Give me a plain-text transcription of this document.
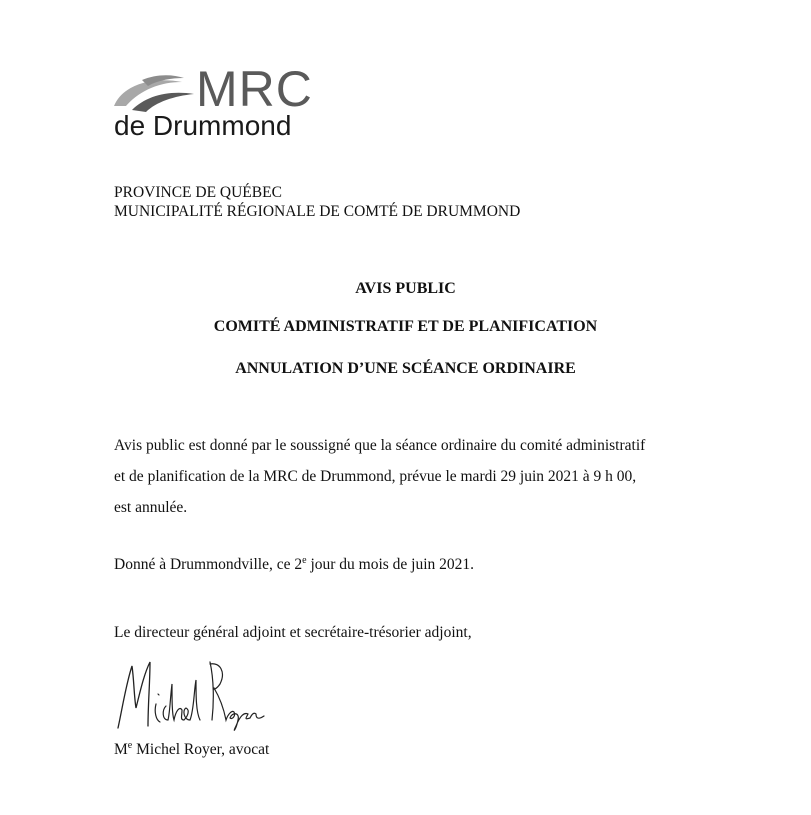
MRC
de Drummond
PROVINCE DE QUÉBEC
MUNICIPALITÉ RÉGIONALE DE COMTÉ DE DRUMMOND
AVIS PUBLIC
COMITÉ ADMINISTRATIF ET DE PLANIFICATION
ANNULATION D’UNE SCÉANCE ORDINAIRE
Avis public est donné par le soussigné que la séance ordinaire du comité administratif
et de planification de la MRC de Drummond, prévue le mardi 29 juin 2021 à 9 h 00,
est annulée.
Donné à Drummondville, ce 2e jour du mois de juin 2021.
Le directeur général adjoint et secrétaire-trésorier adjoint,
Me Michel Royer, avocat
